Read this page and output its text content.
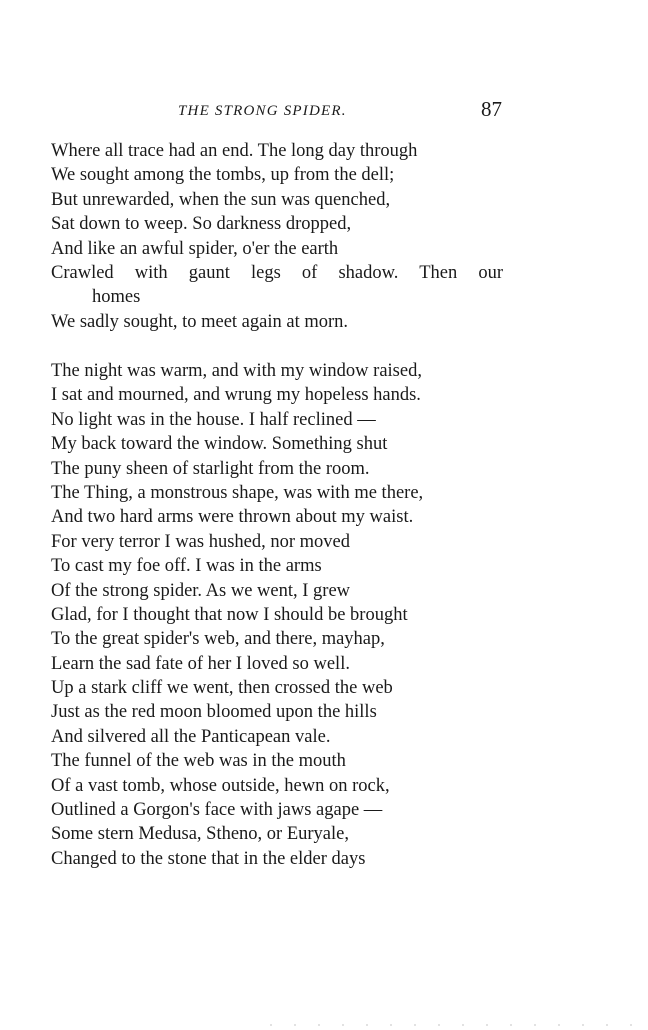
THE STRONG SPIDER.	87
Where all trace had an end. The long day through
We sought among the tombs, up from the dell;
But unrewarded, when the sun was quenched,
Sat down to weep. So darkness dropped,
And like an awful spider, o'er the earth
Crawled with gaunt legs of shadow. Then our
homes
We sadly sought, to meet again at morn.
The night was warm, and with my window raised,
I sat and mourned, and wrung my hopeless hands.
No light was in the house. I half reclined —
My back toward the window. Something shut
The puny sheen of starlight from the room.
The Thing, a monstrous shape, was with me there,
And two hard arms were thrown about my waist.
For very terror I was hushed, nor moved
To cast my foe off. I was in the arms
Of the strong spider. As we went, I grew
Glad, for I thought that now I should be brought
To the great spider's web, and there, mayhap,
Learn the sad fate of her I loved so well.
Up a stark cliff we went, then crossed the web
Just as the red moon bloomed upon the hills
And silvered all the Panticapean vale.
The funnel of the web was in the mouth
Of a vast tomb, whose outside, hewn on rock,
Outlined a Gorgon's face with jaws agape —
Some stern Medusa, Stheno, or Euryale,
Changed to the stone that in the elder days
